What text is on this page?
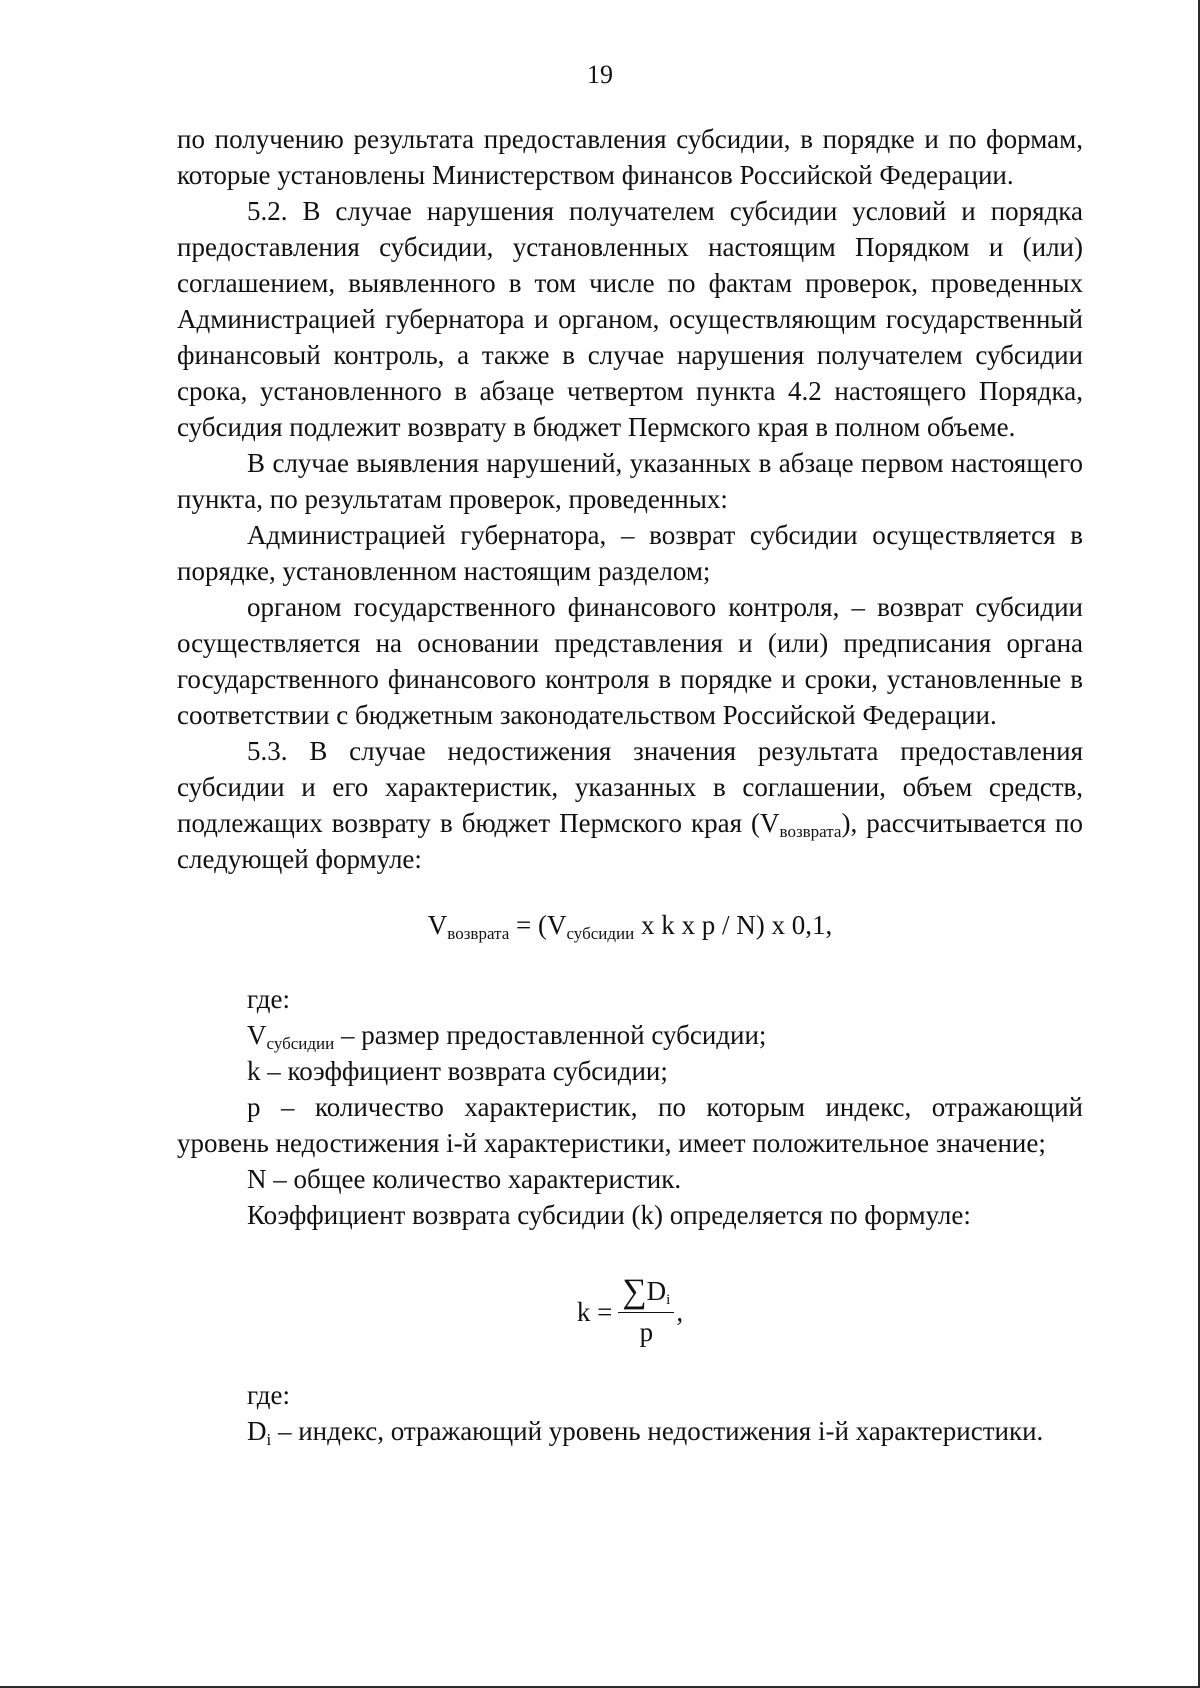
19

по получению результата предоставления субсидии, в порядке и по формам, которые установлены Министерством финансов Российской Федерации.

5.2. В случае нарушения получателем субсидии условий и порядка предоставления субсидии, установленных настоящим Порядком и (или) соглашением, выявленного в том числе по фактам проверок, проведенных Администрацией губернатора и органом, осуществляющим государственный финансовый контроль, а также в случае нарушения получателем субсидии срока, установленного в абзаце четвертом пункта 4.2 настоящего Порядка, субсидия подлежит возврату в бюджет Пермского края в полном объеме.

В случае выявления нарушений, указанных в абзаце первом настоящего пункта, по результатам проверок, проведенных:

Администрацией губернатора, – возврат субсидии осуществляется в порядке, установленном настоящим разделом;

органом государственного финансового контроля, – возврат субсидии осуществляется на основании представления и (или) предписания органа государственного финансового контроля в порядке и сроки, установленные в соответствии с бюджетным законодательством Российской Федерации.

5.3. В случае недостижения значения результата предоставления субсидии и его характеристик, указанных в соглашении, объем средств, подлежащих возврату в бюджет Пермского края $(V_{возврата})$, рассчитывается по следующей формуле:

$V_{возврата} = (V_{субсидии}$ x k x p / N) x 0,1,

где:

$V_{субсидии}$ – размер предоставленной субсидии;

k – коэффициент возврата субсидии;

p – количество характеристик, по которым индекс, отражающий уровень недостижения i-й характеристики, имеет положительное значение;

N – общее количество характеристик.

Коэффициент возврата субсидии (k) определяется по формуле:

$k = \frac{\sum D_i}{p}$ ,

где:

$D_i$ – индекс, отражающий уровень недостижения i-й характеристики.
